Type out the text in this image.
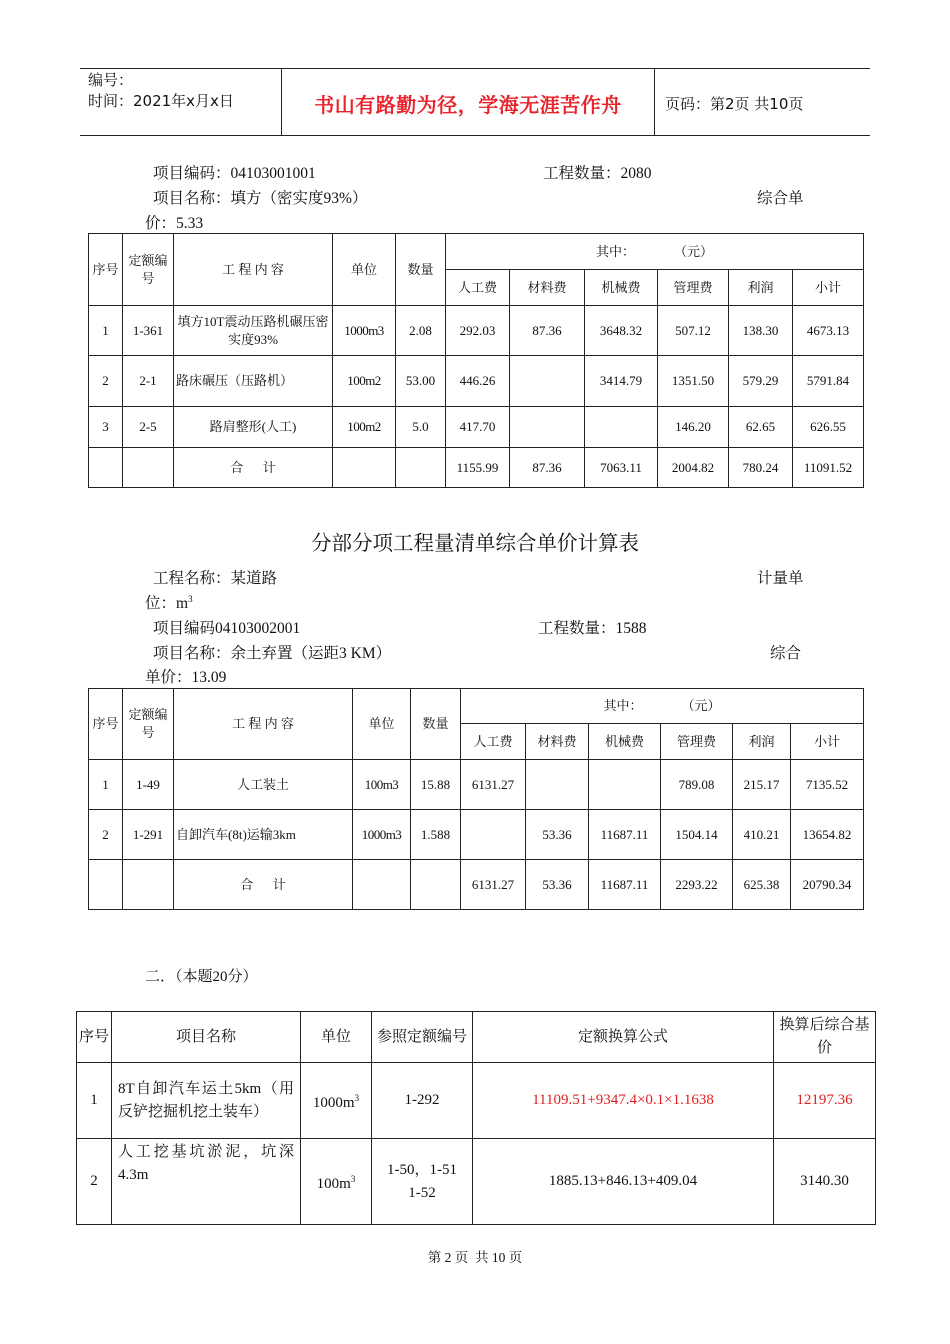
编号：
时间：2021年x月x日	书山有路勤为径，学海无涯苦作舟	页码：第2页 共10页
项目编码：04103001001	工程数量：2080
项目名称：填方（密实度93%）	综合单
价：5.33
序号	定额编号	工 程 内 容	单位	数量	其中：            （元）					
					人工费	材料费	机械费	管理费	利润	小计
1	1-361	填方10T震动压路机碾压密实度93%	1000m3	2.08	292.03	87.36	3648.32	507.12	138.30	4673.13
2	2-1	路床碾压（压路机）	100m2	53.00	446.26		3414.79	1351.50	579.29	5791.84
3	2-5	路肩整形(人工)	100m2	5.0	417.70			146.20	62.65	626.55
		合      计			1155.99	87.36	7063.11	2004.82	780.24	11091.52
分部分项工程量清单综合单价计算表
工程名称：某道路	计量单
位：$m^3$
项目编码04103002001	工程数量：1588
项目名称：余土弃置（运距3 KM）	综合
单价：13.09
序号	定额编号	工 程 内 容	单位	数量	其中：            （元）					
					人工费	材料费	机械费	管理费	利润	小计
1	1-49	人工装土	100m3	15.88	6131.27			789.08	215.17	7135.52
2	1-291	自卸汽车(8t)运输3km	1000m3	1.588		53.36	11687.11	1504.14	410.21	13654.82
		合      计			6131.27	53.36	11687.11	2293.22	625.38	20790.34
二．（本题20分）
序号	项目名称	单位	参照定额编号	定额换算公式	换算后综合基价
1	8T自卸汽车运土5km（用反铲挖掘机挖土装车）	$1000m^3$	1-292	11109.51+9347.4×0.1×1.1638	12197.36
2	人工挖基坑淤泥，坑深4.3m	$100m^3$	1-50，1-51 1-52	1885.13+846.13+409.04	3140.30
第 2 页  共 10 页
